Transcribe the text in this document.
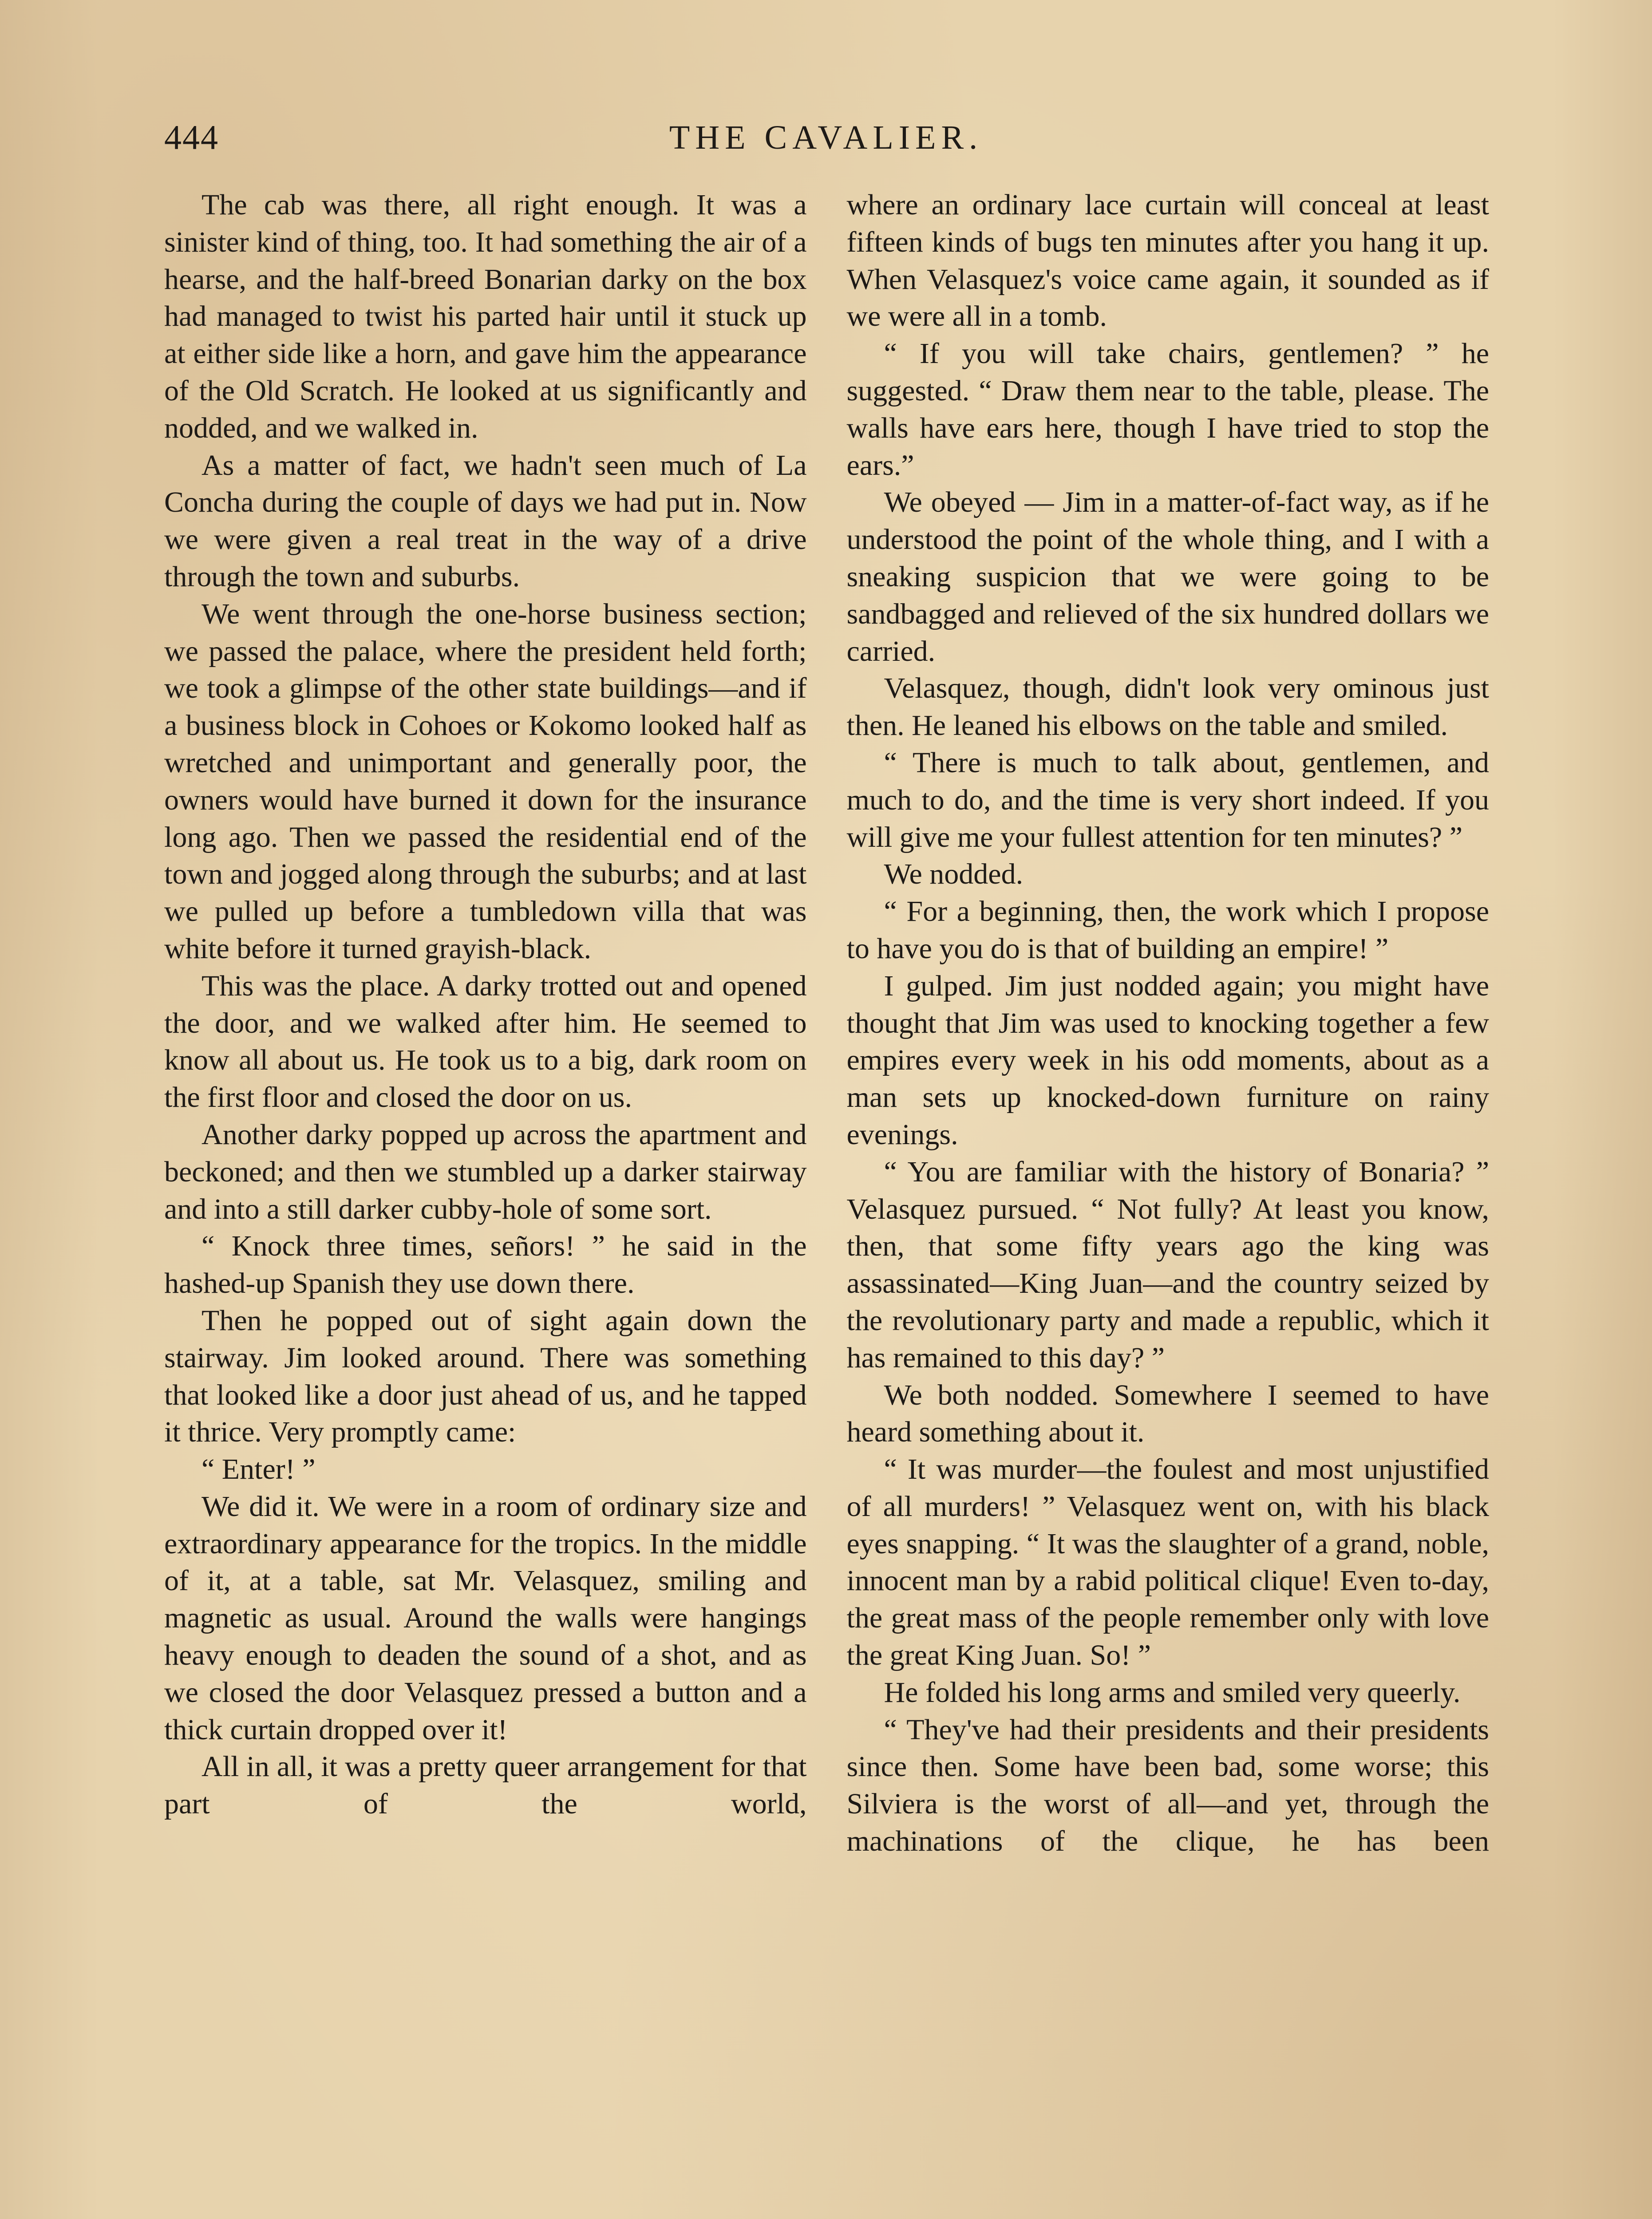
444	THE CAVALIER.

The cab was there, all right enough. It was a sinister kind of thing, too. It had something the air of a hearse, and the half-breed Bonarian darky on the box had managed to twist his parted hair until it stuck up at either side like a horn, and gave him the appearance of the Old Scratch. He looked at us significantly and nodded, and we walked in.

As a matter of fact, we hadn't seen much of La Concha during the couple of days we had put in. Now we were given a real treat in the way of a drive through the town and suburbs.

We went through the one-horse business section; we passed the palace, where the president held forth; we took a glimpse of the other state buildings—and if a business block in Cohoes or Kokomo looked half as wretched and unimportant and generally poor, the owners would have burned it down for the insurance long ago. Then we passed the residential end of the town and jogged along through the suburbs; and at last we pulled up before a tumbledown villa that was white before it turned grayish-black.

This was the place. A darky trotted out and opened the door, and we walked after him. He seemed to know all about us. He took us to a big, dark room on the first floor and closed the door on us.

Another darky popped up across the apartment and beckoned; and then we stumbled up a darker stairway and into a still darker cubby-hole of some sort.

“ Knock three times, señors! ” he said in the hashed-up Spanish they use down there.

Then he popped out of sight again down the stairway. Jim looked around. There was something that looked like a door just ahead of us, and he tapped it thrice. Very promptly came:

“ Enter! ”

We did it. We were in a room of ordinary size and extraordinary appearance for the tropics. In the middle of it, at a table, sat Mr. Velasquez, smiling and magnetic as usual. Around the walls were hangings heavy enough to deaden the sound of a shot, and as we closed the door Velasquez pressed a button and a thick curtain dropped over it!

All in all, it was a pretty queer arrangement for that part of the world,

where an ordinary lace curtain will conceal at least fifteen kinds of bugs ten minutes after you hang it up. When Velasquez's voice came again, it sounded as if we were all in a tomb.

“ If you will take chairs, gentlemen? ” he suggested. “ Draw them near to the table, please. The walls have ears here, though I have tried to stop the ears.”

We obeyed — Jim in a matter-of-fact way, as if he understood the point of the whole thing, and I with a sneaking suspicion that we were going to be sandbagged and relieved of the six hundred dollars we carried.

Velasquez, though, didn't look very ominous just then. He leaned his elbows on the table and smiled.

“ There is much to talk about, gentlemen, and much to do, and the time is very short indeed. If you will give me your fullest attention for ten minutes? ”

We nodded.

“ For a beginning, then, the work which I propose to have you do is that of building an empire! ”

I gulped. Jim just nodded again; you might have thought that Jim was used to knocking together a few empires every week in his odd moments, about as a man sets up knocked-down furniture on rainy evenings.

“ You are familiar with the history of Bonaria? ” Velasquez pursued. “ Not fully? At least you know, then, that some fifty years ago the king was assassinated—King Juan—and the country seized by the revolutionary party and made a republic, which it has remained to this day? ”

We both nodded. Somewhere I seemed to have heard something about it.

“ It was murder—the foulest and most unjustified of all murders! ” Velasquez went on, with his black eyes snapping. “ It was the slaughter of a grand, noble, innocent man by a rabid political clique! Even to-day, the great mass of the people remember only with love the great King Juan. So! ”

He folded his long arms and smiled very queerly.

“ They've had their presidents and their presidents since then. Some have been bad, some worse; this Silviera is the worst of all—and yet, through the machinations of the clique, he has been
